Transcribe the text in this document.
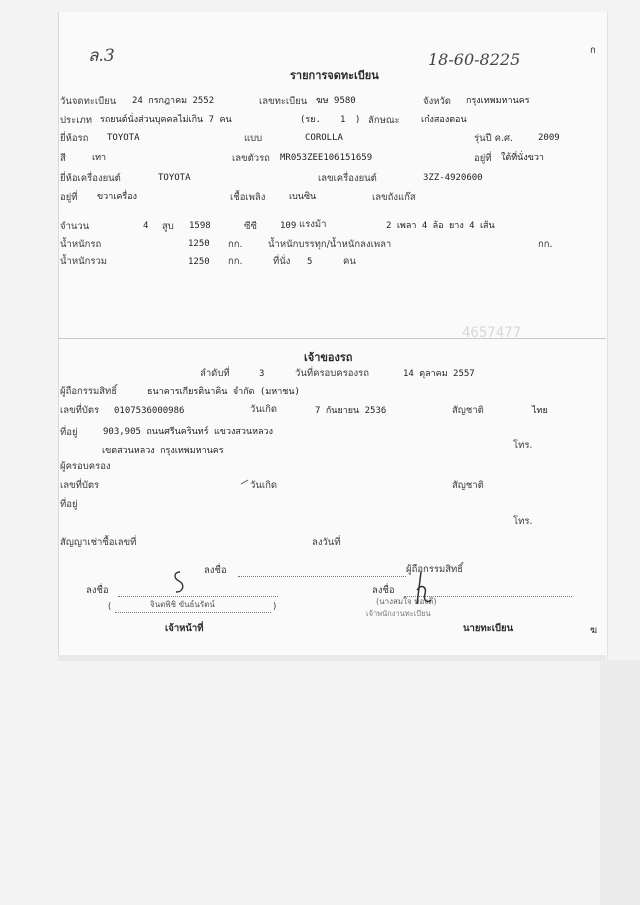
ล.3
รายการจดทะเบียน
18-60-8225	ก
วันจดทะเบียน 24 กรกฎาคม 2552	เลขทะเบียน ฆษ 9580	จังหวัด กรุงเทพมหานคร
ประเภท รถยนต์นั่งส่วนบุคคลไม่เกิน 7 คน	(รย. 1 ) ลักษณะ เก๋งสองตอน
ยี่ห้อรถ TOYOTA	แบบ	COROLLA	รุ่นปี ค.ศ.	2009
สี	เทา	เลขตัวรถ MR053ZEE106151659	อยู่ที่ ใต้ที่นั่งขวา
ยี่ห้อเครื่องยนต์	TOYOTA	เลขเครื่องยนต์	3ZZ-4920600
อยู่ที่ ขวาเครื่อง	เชื้อเพลิง	เบนซิน	เลขถังแก๊ส
จำนวน	4 สูบ 1598	ซีซี	109 แรงม้า	2 เพลา 4 ล้อ ยาง 4 เส้น
น้ำหนักรถ	1250 กก.	น้ำหนักบรรทุก/น้ำหนักลงเพลา	กก.
น้ำหนักรวม	1250 กก.	ที่นั่ง 5	คน
4657477
เจ้าของรถ
ลำดับที่	3	วันที่ครอบครองรถ	14 ตุลาคม 2557
ผู้ถือกรรมสิทธิ์	ธนาคารเกียรตินาคิน จำกัด (มหาชน)
เลขที่บัตร 0107536000986	วันเกิด	7 กันยายน 2536	สัญชาติ	ไทย
ที่อยู่	903,905 ถนนศรีนครินทร์ แขวงสวนหลวง
โทร.
เขตสวนหลวง กรุงเทพมหานคร
ผู้ครอบครอง
เลขที่บัตร	วันเกิด	สัญชาติ
ที่อยู่
โทร.
สัญญาเช่าซื้อเลขที่	ลงวันที่
ลงชื่อ	ผู้ถือกรรมสิทธิ์
ลงชื่อ
(	จินตพิชิ ขันธ์นรัตน์	)
เจ้าหน้าที่
ลงชื่อ
(นางสมใจ ทองดี)
เจ้าพนักงานทะเบียน
นายทะเบียน	ฆ
